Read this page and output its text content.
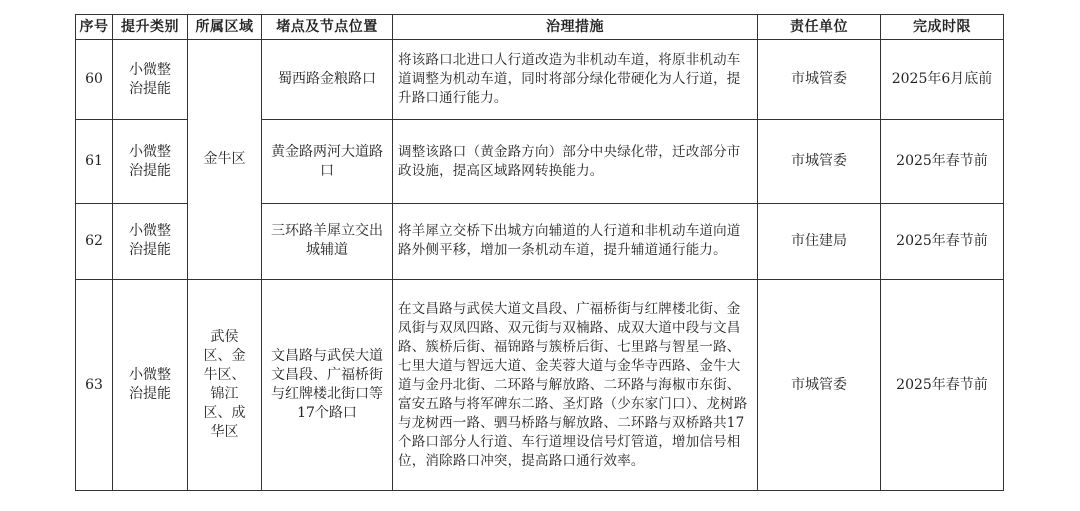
序号	提升类别	所属区域	堵点及节点位置	治理措施	责任单位	完成时限
60	小微整治提能	金牛区	蜀西路金粮路口	将该路口北进口人行道改造为非机动车道，将原非机动车道调整为机动车道，同时将部分绿化带硬化为人行道，提升路口通行能力。	市城管委	2025年6月底前
61	小微整治提能		黄金路两河大道路口	调整该路口（黄金路方向）部分中央绿化带，迁改部分市政设施，提高区域路网转换能力。	市城管委	2025年春节前
62	小微整治提能		三环路羊犀立交出城辅道	将羊犀立交桥下出城方向辅道的人行道和非机动车道向道路外侧平移，增加一条机动车道，提升辅道通行能力。	市住建局	2025年春节前
63	小微整治提能	武侯区、金牛区、锦江区、成华区	文昌路与武侯大道文昌段、广福桥街与红牌楼北街口等17个路口	在文昌路与武侯大道文昌段、广福桥街与红牌楼北街、金凤街与双凤四路、双元街与双楠路、成双大道中段与文昌路、簇桥后街、福锦路与簇桥后街、七里路与智星一路、七里大道与智远大道、金芙蓉大道与金华寺西路、金牛大道与金丹北街、二环路与解放路、二环路与海椒市东街、富安五路与将军碑东二路、圣灯路（少东家门口）、龙树路与龙树西一路、驷马桥路与解放路、二环路与双桥路共17个路口部分人行道、车行道埋设信号灯管道，增加信号相位，消除路口冲突，提高路口通行效率。	市城管委	2025年春节前
